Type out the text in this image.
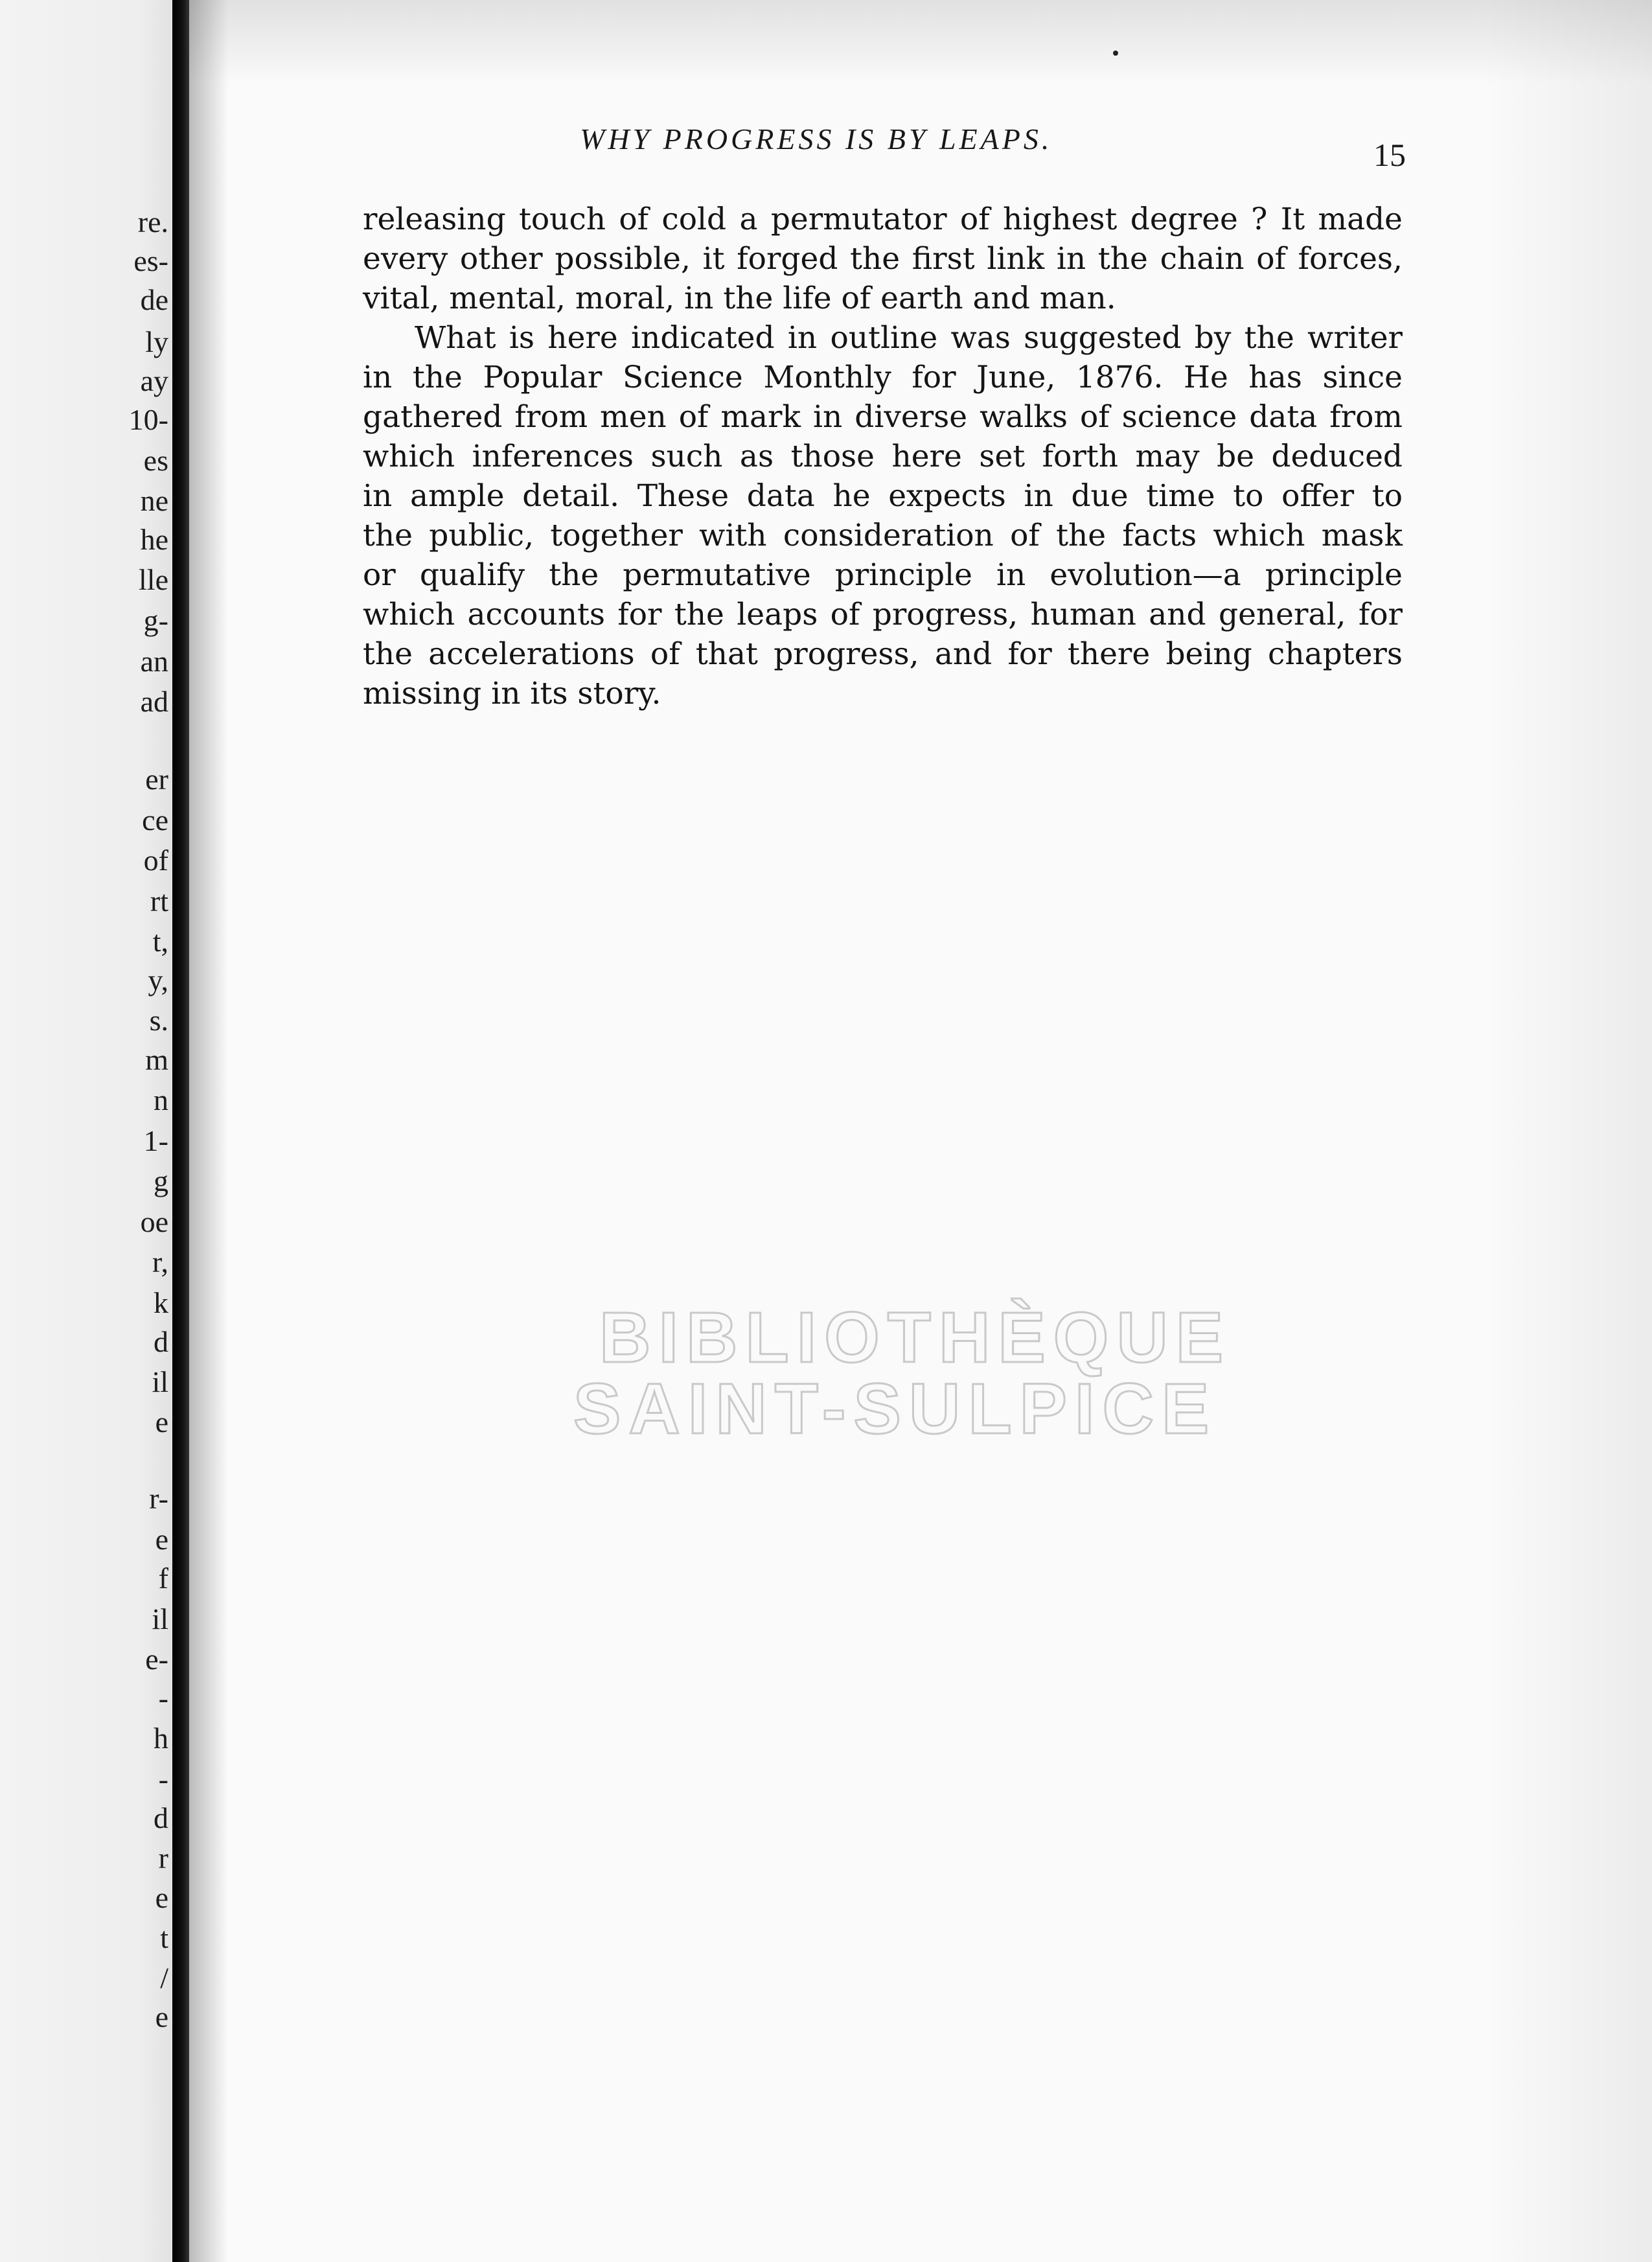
re.
es-
de
ly
ay
10-
es
ne
he
lle
g-
an
ad
er
ce
of
rt
t,
y,
s.
m
n
1-
g
oe
r,
k
d
il
e
r-
e
f
il
e-
-
h
-
d
r
e
t
/
e
WHY PROGRESS IS BY LEAPS.	15
releasing touch of cold a permutator of highest degree ? It made
every other possible, it forged the first link in the chain of forces,
vital, mental, moral, in the life of earth and man.
What is here indicated in outline was suggested by the writer
in the Popular Science Monthly for June, 1876. He has since
gathered from men of mark in diverse walks of science data from
which inferences such as those here set forth may be deduced
in ample detail. These data he expects in due time to offer to
the public, together with consideration of the facts which mask
or qualify the permutative principle in evolution—a principle
which accounts for the leaps of progress, human and general, for
the accelerations of that progress, and for there being chapters
missing in its story.
BIBLIOTHÈQUE
SAINT-SULPICE
